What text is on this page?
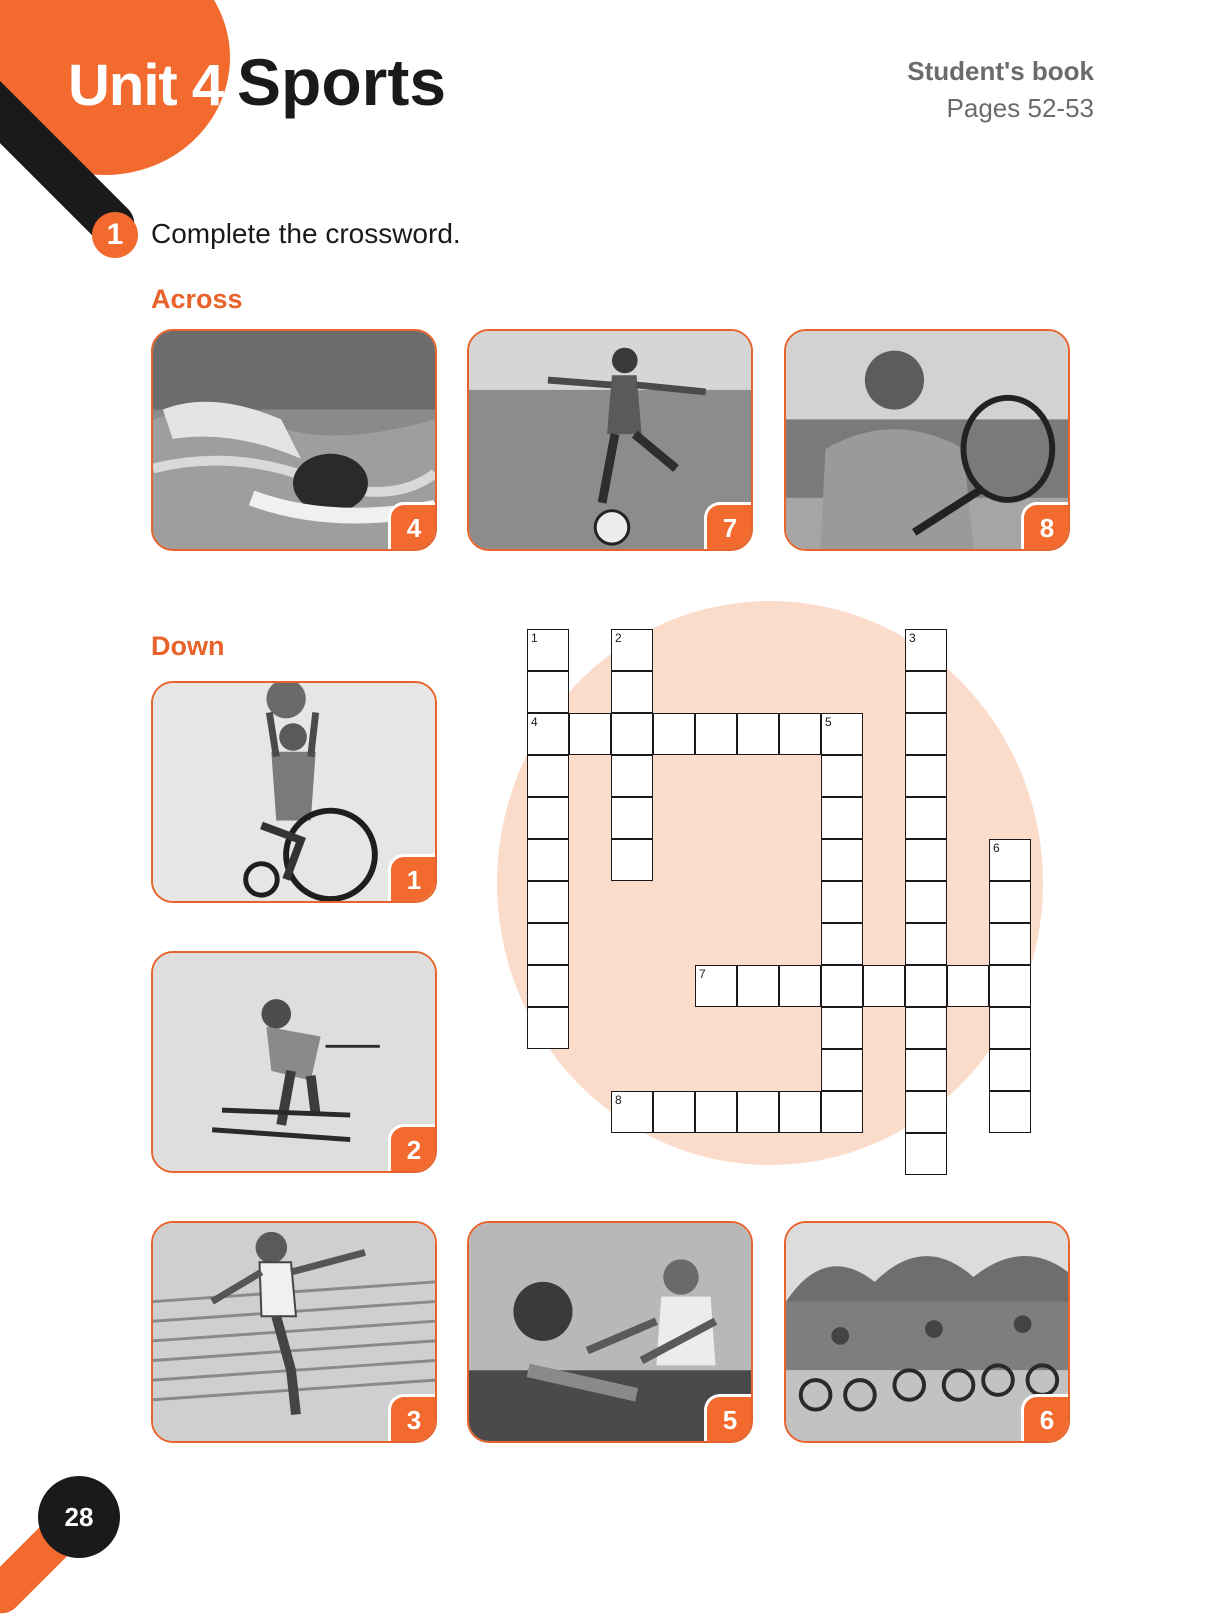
Unit 4 Sports	Student's book
Pages 52-53
1 Complete the crossword.
Across
Down
4	7	8
1
2
3	5	6
1
4
2	3
5
6
7
8
28
